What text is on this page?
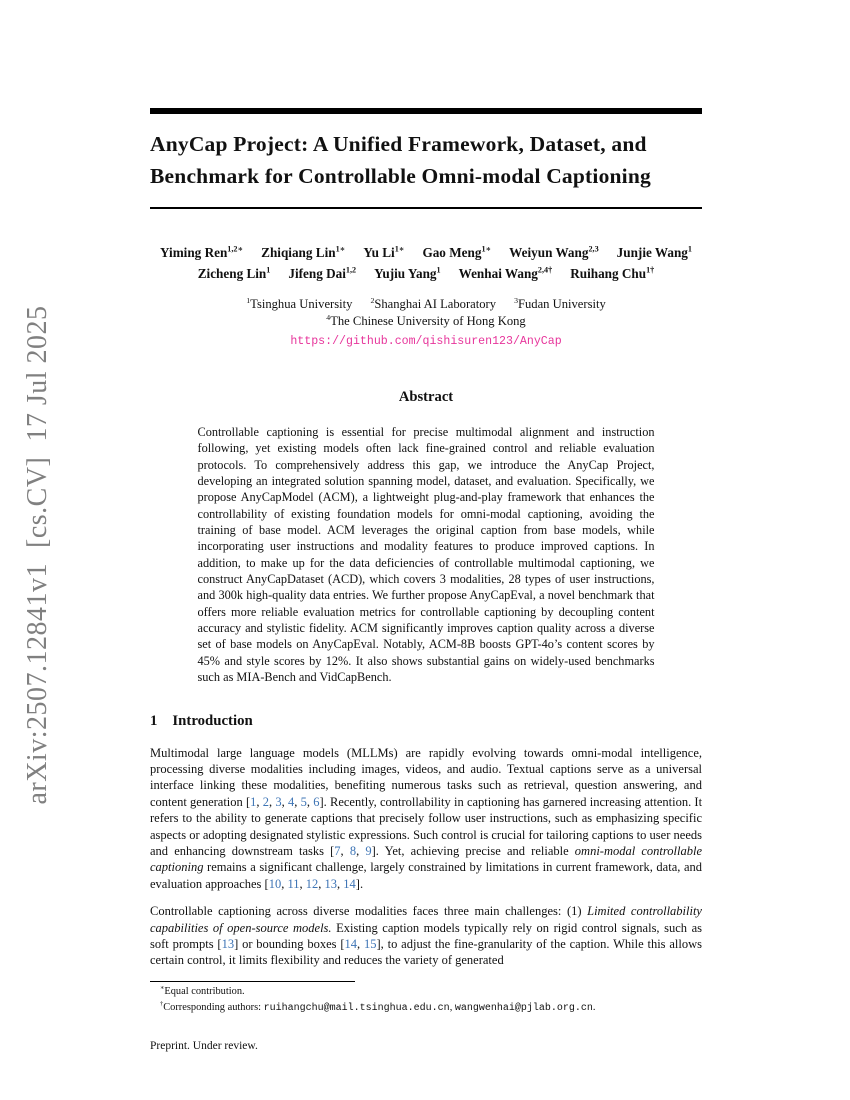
arXiv:2507.12841v1  [cs.CV]  17 Jul 2025
AnyCap Project: A Unified Framework, Dataset, and
Benchmark for Controllable Omni-modal Captioning
Yiming Ren$^{1,2∗}$ Zhiqiang Lin$^{1∗}$ Yu $Li^{1∗}$ Gao Meng$^{1∗}$ Weiyun Wang$^{2,3}$ Junjie Wang$^1$
Zicheng Lin$^1$ Jifeng Dai$^{1,2}$ Yujiu Yang$^1$ Wenhai Wang$^{2,4\dagger}$ Ruihang Chu$^{1\dagger}$
$^1$Tsinghua University $^2$Shanghai AI Laboratory $^3$Fudan University
$^4$The Chinese University of Hong Kong
https://github.com/qishisuren123/AnyCap
Abstract

Controllable captioning is essential for precise multimodal alignment and instruction following, yet existing models often lack fine-grained control and reliable evaluation protocols. To comprehensively address this gap, we introduce the AnyCap Project, developing an integrated solution spanning model, dataset, and evaluation. Specifically, we propose AnyCapModel (ACM), a lightweight plug-and-play framework that enhances the controllability of existing foundation models for omni-modal captioning, avoiding the training of base model. ACM leverages the original caption from base models, while incorporating user instructions and modality features to produce improved captions. In addition, to make up for the data deficiencies of controllable multimodal captioning, we construct AnyCapDataset (ACD), which covers 3 modalities, 28 types of user instructions, and 300k high-quality data entries. We further propose AnyCapEval, a novel benchmark that offers more reliable evaluation metrics for controllable captioning by decoupling content accuracy and stylistic fidelity. ACM significantly improves caption quality across a diverse set of base models on AnyCapEval. Notably, ACM-8B boosts GPT-4o’s content scores by 45% and style scores by 12%. It also shows substantial gains on widely-used benchmarks such as MIA-Bench and VidCapBench.

1 Introduction

Multimodal large language models (MLLMs) are rapidly evolving towards omni-modal intelligence, processing diverse modalities including images, videos, and audio. Textual captions serve as a universal interface linking these modalities, benefiting numerous tasks such as retrieval, question answering, and content generation [1, 2, 3, 4, 5, 6]. Recently, controllability in captioning has garnered increasing attention. It refers to the ability to generate captions that precisely follow user instructions, such as emphasizing specific aspects or adopting designated stylistic expressions. Such control is crucial for tailoring captions to user needs and enhancing downstream tasks [7, 8, 9]. Yet, achieving precise and reliable omni-modal controllable captioning remains a significant challenge, largely constrained by limitations in current framework, data, and evaluation approaches [10, 11, 12, 13, 14].

Controllable captioning across diverse modalities faces three main challenges: (1) Limited controllability capabilities of open-source models. Existing caption models typically rely on rigid control signals, such as soft prompts [13] or bounding boxes [14, 15], to adjust the fine-granularity of the caption. While this allows certain control, it limits flexibility and reduces the variety of generated

∗Equal contribution.

†Corresponding authors: ruihangchu@mail.tsinghua.edu.cn, wangwenhai@pjlab.org.cn.

Preprint. Under review.
